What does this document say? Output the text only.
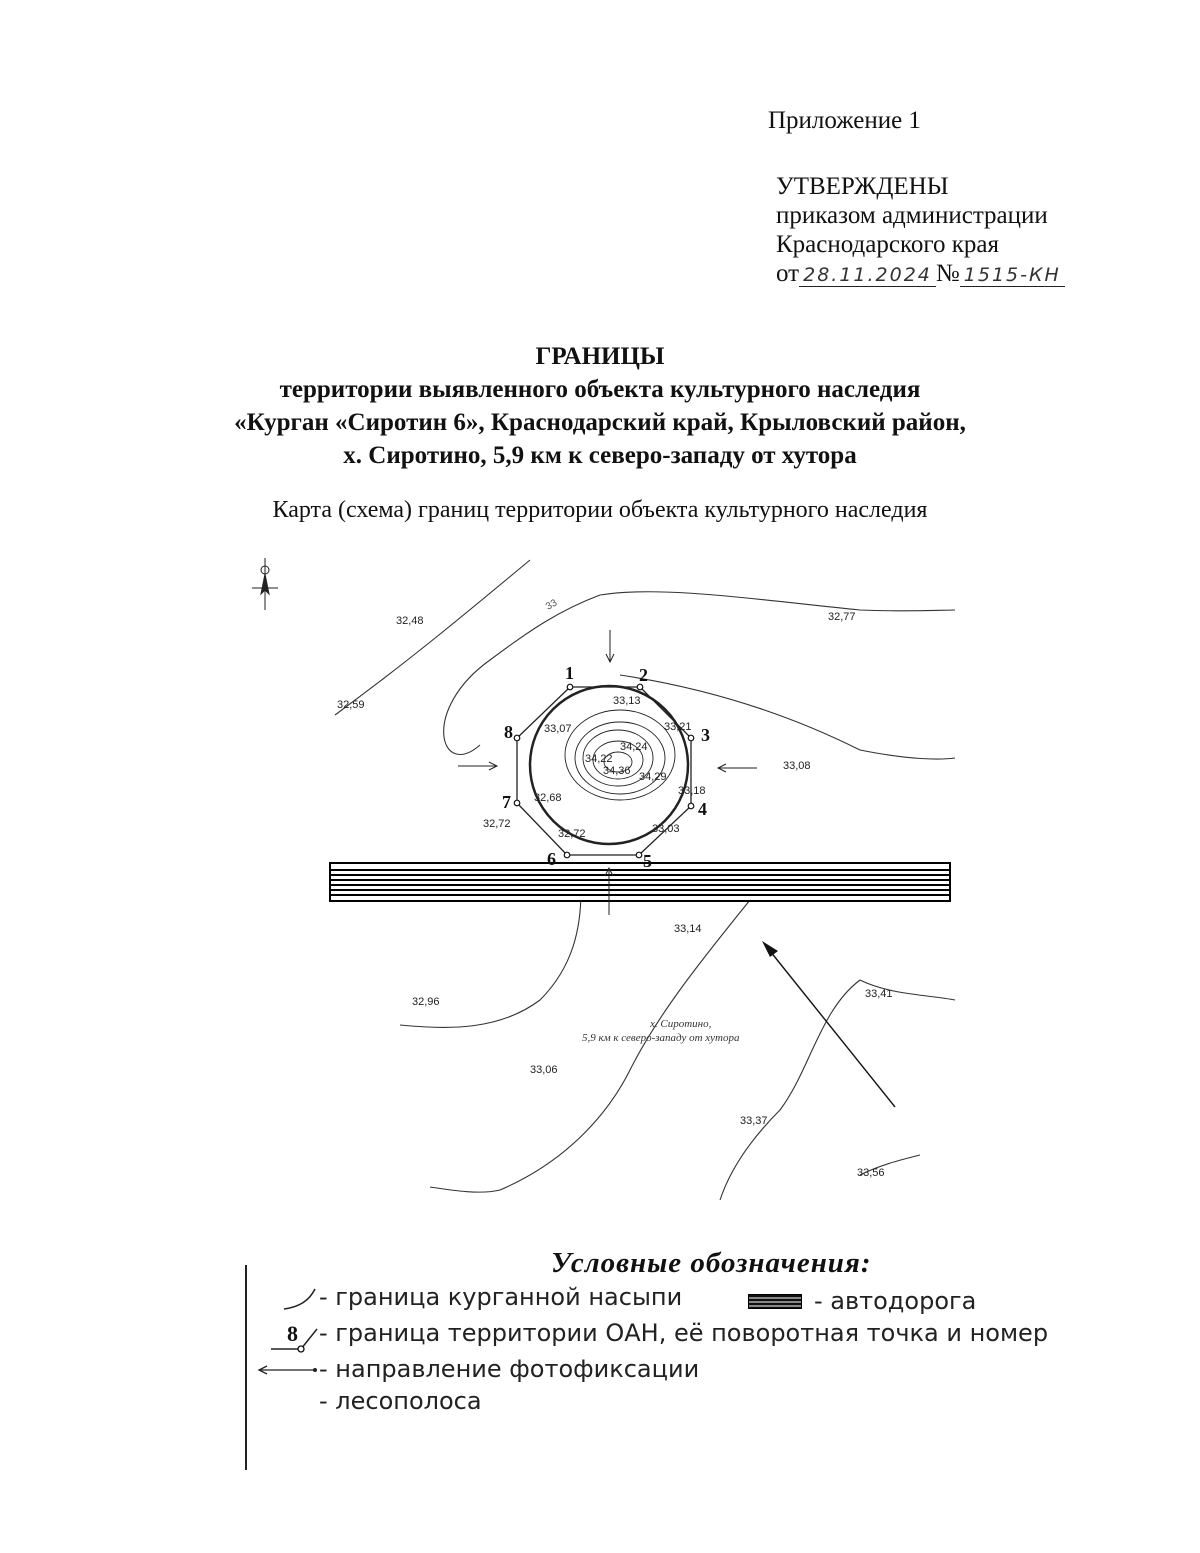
Приложение 1
УТВЕРЖДЕНЫ
приказом администрации
Краснодарского края
от 28.11.2024 № 1515-КН
ГРАНИЦЫ
территории выявленного объекта культурного наследия
«Курган «Сиротин 6», Краснодарский край, Крыловский район,
х. Сиротино, 5,9 км к северо-западу от хутора
Карта (схема) границ территории объекта культурного наследия
1	2
3
4
5
6
7
8
х. Сиротино,
5,9 км к северо-западу от хутора
32,48	32,77
32,59	33,13
33,07	33,21
34,24
34,22
34,36 34,29
33,08
32,68
33,18
32,72
32,72	33,03
33,14
32,96
33,41
33,06
33,37
33,56
33
Условные обозначения:
- граница курганной насыпи	- автодорога
8 - граница территории ОАН, её поворотная точка и номер
- направление фотофиксации
- лесополоса
